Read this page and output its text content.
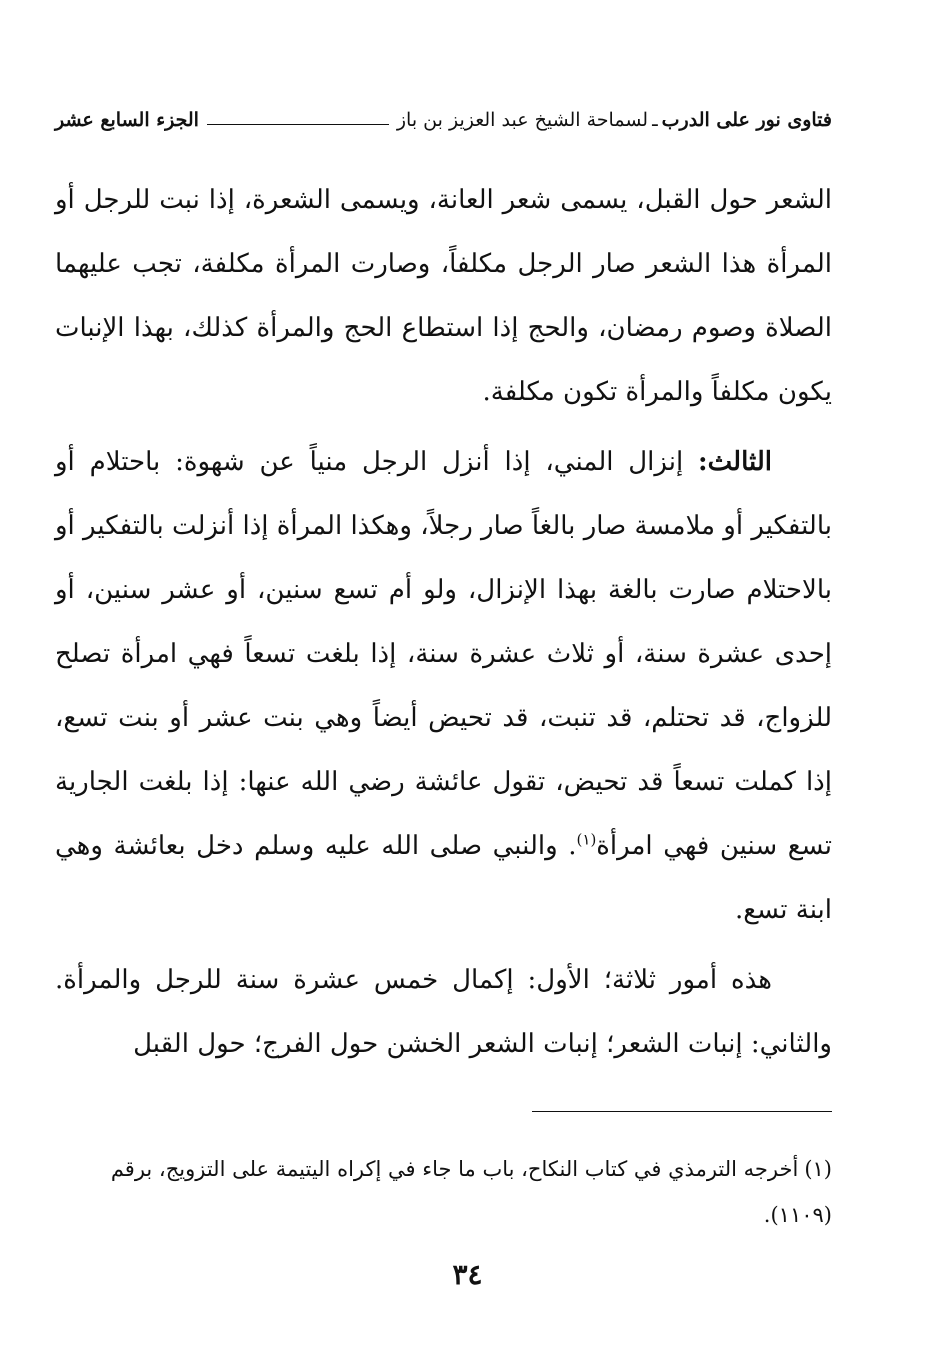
فتاوى نور على الدرب
ـ
لسماحة الشيخ عبد العزيز بن باز
الجزء السابع عشر

الشعر حول القبل، يسمى شعر العانة، ويسمى الشعرة، إذا نبت للرجل أو المرأة هذا الشعر صار الرجل مكلفاً، وصارت المرأة مكلفة، تجب عليهما الصلاة وصوم رمضان، والحج إذا استطاع الحج والمرأة كذلك، بهذا الإنبات يكون مكلفاً والمرأة تكون مكلفة.

الثالث: إنزال المني، إذا أنزل الرجل منياً عن شهوة: باحتلام أو بالتفكير أو ملامسة صار بالغاً صار رجلاً، وهكذا المرأة إذا أنزلت بالتفكير أو بالاحتلام صارت بالغة بهذا الإنزال، ولو أم تسع سنين، أو عشر سنين، أو إحدى عشرة سنة، أو ثلاث عشرة سنة، إذا بلغت تسعاً فهي امرأة تصلح للزواج، قد تحتلم، قد تنبت، قد تحيض أيضاً وهي بنت عشر أو بنت تسع، إذا كملت تسعاً قد تحيض، تقول عائشة رضي الله عنها: إذا بلغت الجارية تسع سنين فهي امرأة$^{(١)}$. والنبي صلى الله عليه وسلم دخل بعائشة وهي ابنة تسع.

هذه أمور ثلاثة؛ الأول: إكمال خمس عشرة سنة للرجل والمرأة. والثاني: إنبات الشعر؛ إنبات الشعر الخشن حول الفرج؛ حول القبل

(١)أخرجه الترمذي في كتاب النكاح، باب ما جاء في إكراه اليتيمة على التزويج، برقم (١١٠٩).
٣٤
